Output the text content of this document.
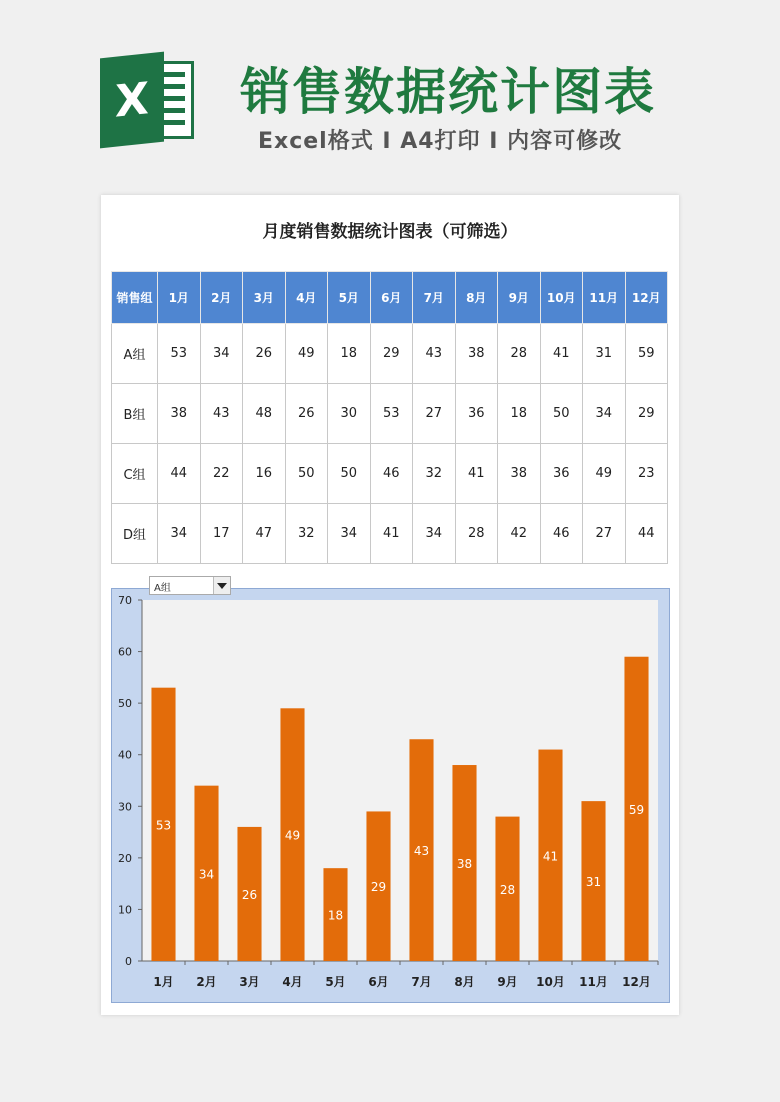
X	销售数据统计图表
Excel格式 I A4打印 I 内容可修改
月度销售数据统计图表（可筛选）
销售组	1月	2月	3月	4月	5月	6月	7月	8月	9月	10月	11月	12月
A组	53	34	26	49	18	29	43	38	28	41	31	59
B组	38	43	48	26	30	53	27	36	18	50	34	29
C组	44	22	16	50	50	46	32	41	38	36	49	23
D组	34	17	47	32	34	41	34	28	42	46	27	44
0
10
20
30
40
50
60
70
53
1月
34
2月
26
3月
49
4月
18
5月
29
6月
43
7月
38
8月
28
9月
41
10月
31
11月
59
12月
A组
